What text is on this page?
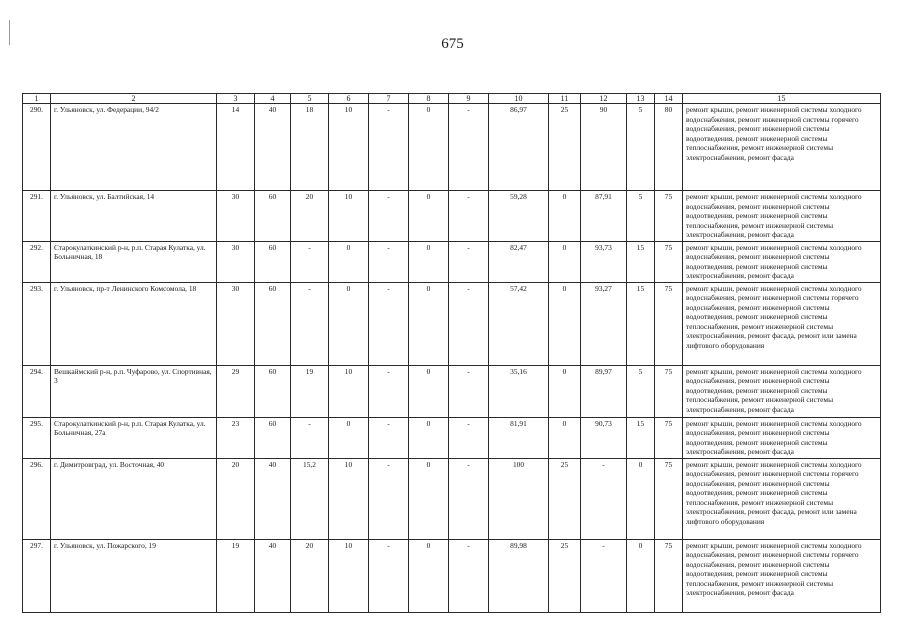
675
1	2	3	4	5	6	7	8	9	10	11	12	13	14	15
290.	г. Ульяновск, ул. Федерации, 94/2	14	40	18	10	-	0	-	86,97	25	90	5	80	ремонт крыши, ремонт инженерной системы холодного водоснабжения, ремонт инженерной системы горячего водоснабжения, ремонт инженерной системы водоотведения, ремонт инженерной системы теплоснабжения, ремонт инженерной системы электроснабжения, ремонт фасада
291.	г. Ульяновск, ул. Балтийская, 14	30	60	20	10	-	0	-	59,28	0	87,91	5	75	ремонт крыши, ремонт инженерной системы холодного водоснабжения, ремонт инженерной системы водоотведения, ремонт инженерной системы теплоснабжения, ремонт инженерной системы электроснабжения, ремонт фасада
292.	Старокулаткинский р-н, р.п. Старая Кулатка, ул. Больничная, 18	30	60	-	0	-	0	-	82,47	0	93,73	15	75	ремонт крыши, ремонт инженерной системы холодного водоснабжения, ремонт инженерной системы водоотведения, ремонт инженерной системы электроснабжения, ремонт фасада
293.	г. Ульяновск, пр-т Ленинского Комсомола, 18	30	60	-	0	-	0	-	57,42	0	93,27	15	75	ремонт крыши, ремонт инженерной системы холодного водоснабжения, ремонт инженерной системы горячего водоснабжения, ремонт инженерной системы водоотведения, ремонт инженерной системы теплоснабжения, ремонт инженерной системы электроснабжения, ремонт фасада, ремонт или замена лифтового оборудования
294.	Вешкаймский р-н, р.п. Чуфарово, ул. Спортивная, 3	29	60	19	10	-	0	-	35,16	0	89,97	5	75	ремонт крыши, ремонт инженерной системы холодного водоснабжения, ремонт инженерной системы водоотведения, ремонт инженерной системы теплоснабжения, ремонт инженерной системы электроснабжения, ремонт фасада
295.	Старокулаткинский р-н, р.п. Старая Кулатка, ул. Больничная, 27а	23	60	-	0	-	0	-	81,91	0	90,73	15	75	ремонт крыши, ремонт инженерной системы холодного водоснабжения, ремонт инженерной системы водоотведения, ремонт инженерной системы электроснабжения, ремонт фасада
296.	г. Димитровград, ул. Восточная, 40	20	40	15,2	10	-	0	-	100	25	-	0	75	ремонт крыши, ремонт инженерной системы холодного водоснабжения, ремонт инженерной системы горячего водоснабжения, ремонт инженерной системы водоотведения, ремонт инженерной системы теплоснабжения, ремонт инженерной системы электроснабжения, ремонт фасада, ремонт или замена лифтового оборудования
297.	г. Ульяновск, ул. Пожарского, 19	19	40	20	10	-	0	-	89,98	25	-	0	75	ремонт крыши, ремонт инженерной системы холодного водоснабжения, ремонт инженерной системы горячего водоснабжения, ремонт инженерной системы водоотведения, ремонт инженерной системы теплоснабжения, ремонт инженерной системы электроснабжения, ремонт фасада
